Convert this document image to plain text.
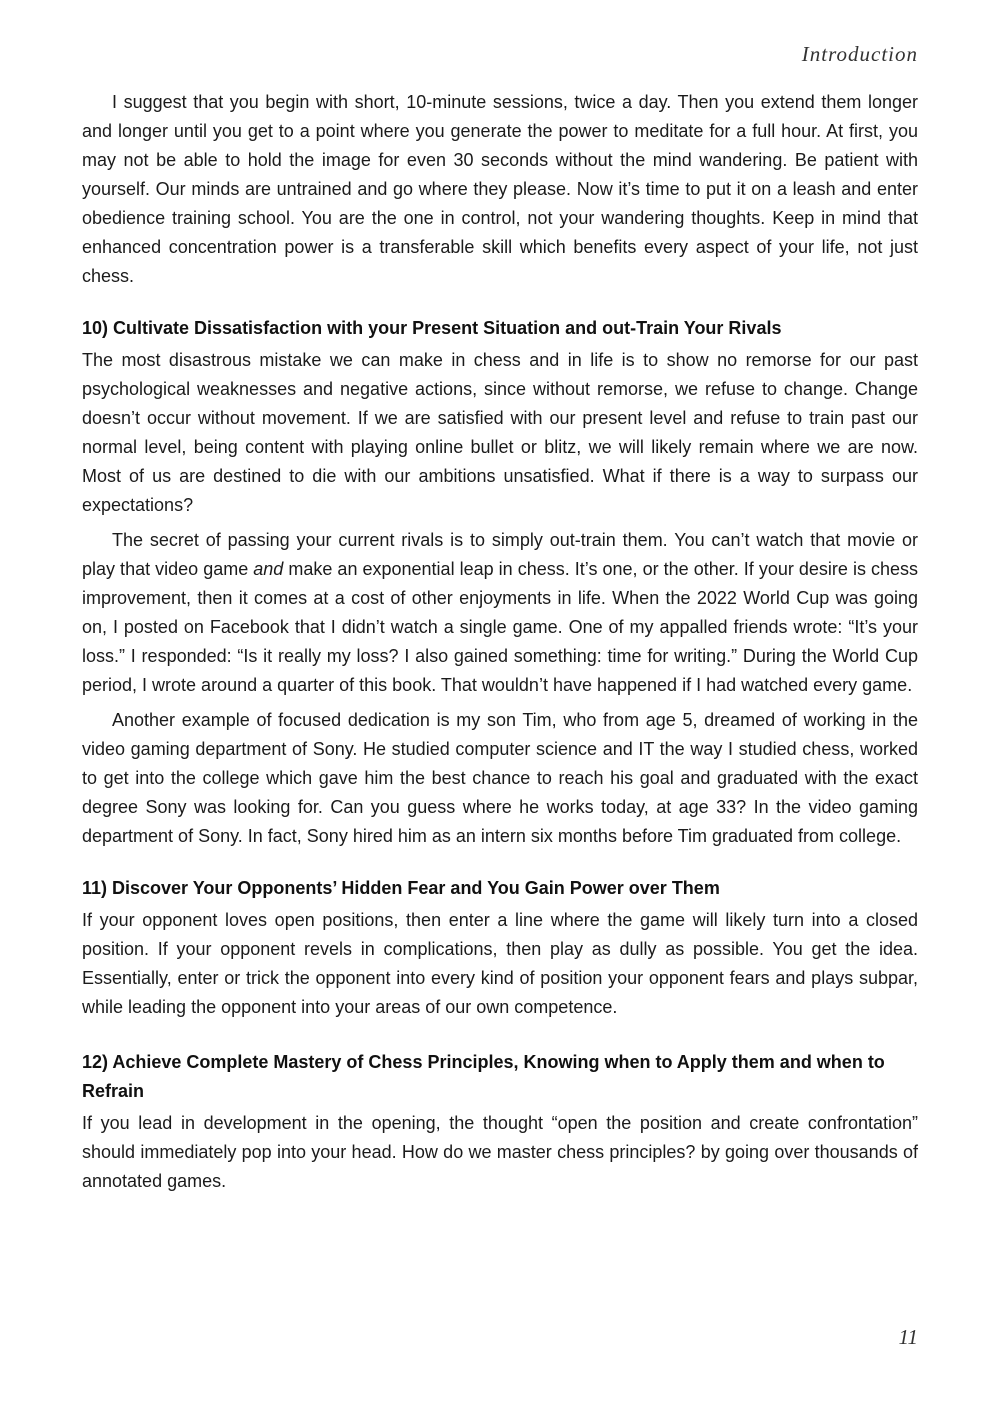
Introduction

I suggest that you begin with short, 10-minute sessions, twice a day. Then you extend them longer and longer until you get to a point where you generate the power to meditate for a full hour. At first, you may not be able to hold the image for even 30 seconds without the mind wandering. Be patient with yourself. Our minds are untrained and go where they please. Now it’s time to put it on a leash and enter obedience training school. You are the one in control, not your wandering thoughts. Keep in mind that enhanced concentration power is a transferable skill which benefits every aspect of your life, not just chess.

10) Cultivate Dissatisfaction with your Present Situation and out-Train Your Rivals

The most disastrous mistake we can make in chess and in life is to show no remorse for our past psychological weaknesses and negative actions, since without remorse, we refuse to change. Change doesn’t occur without movement. If we are satisfied with our present level and refuse to train past our normal level, being content with playing online bullet or blitz, we will likely remain where we are now. Most of us are destined to die with our ambitions unsatisfied. What if there is a way to surpass our expectations?

The secret of passing your current rivals is to simply out-train them. You can’t watch that movie or play that video game and make an exponential leap in chess. It’s one, or the other. If your desire is chess improvement, then it comes at a cost of other enjoyments in life. When the 2022 World Cup was going on, I posted on Facebook that I didn’t watch a single game. One of my appalled friends wrote: “It’s your loss.” I responded: “Is it really my loss? I also gained something: time for writing.” During the World Cup period, I wrote around a quarter of this book. That wouldn’t have happened if I had watched every game.

Another example of focused dedication is my son Tim, who from age 5, dreamed of working in the video gaming department of Sony. He studied computer science and IT the way I studied chess, worked to get into the college which gave him the best chance to reach his goal and graduated with the exact degree Sony was looking for. Can you guess where he works today, at age 33? In the video gaming department of Sony. In fact, Sony hired him as an intern six months before Tim graduated from college.

11) Discover Your Opponents’ Hidden Fear and You Gain Power over Them

If your opponent loves open positions, then enter a line where the game will likely turn into a closed position. If your opponent revels in complications, then play as dully as possible. You get the idea. Essentially, enter or trick the opponent into every kind of position your opponent fears and plays subpar, while leading the opponent into your areas of our own competence.

12) Achieve Complete Mastery of Chess Principles, Knowing when to Apply them and when to Refrain

If you lead in development in the opening, the thought “open the position and create confrontation” should immediately pop into your head. How do we master chess principles? by going over thousands of annotated games.

11
